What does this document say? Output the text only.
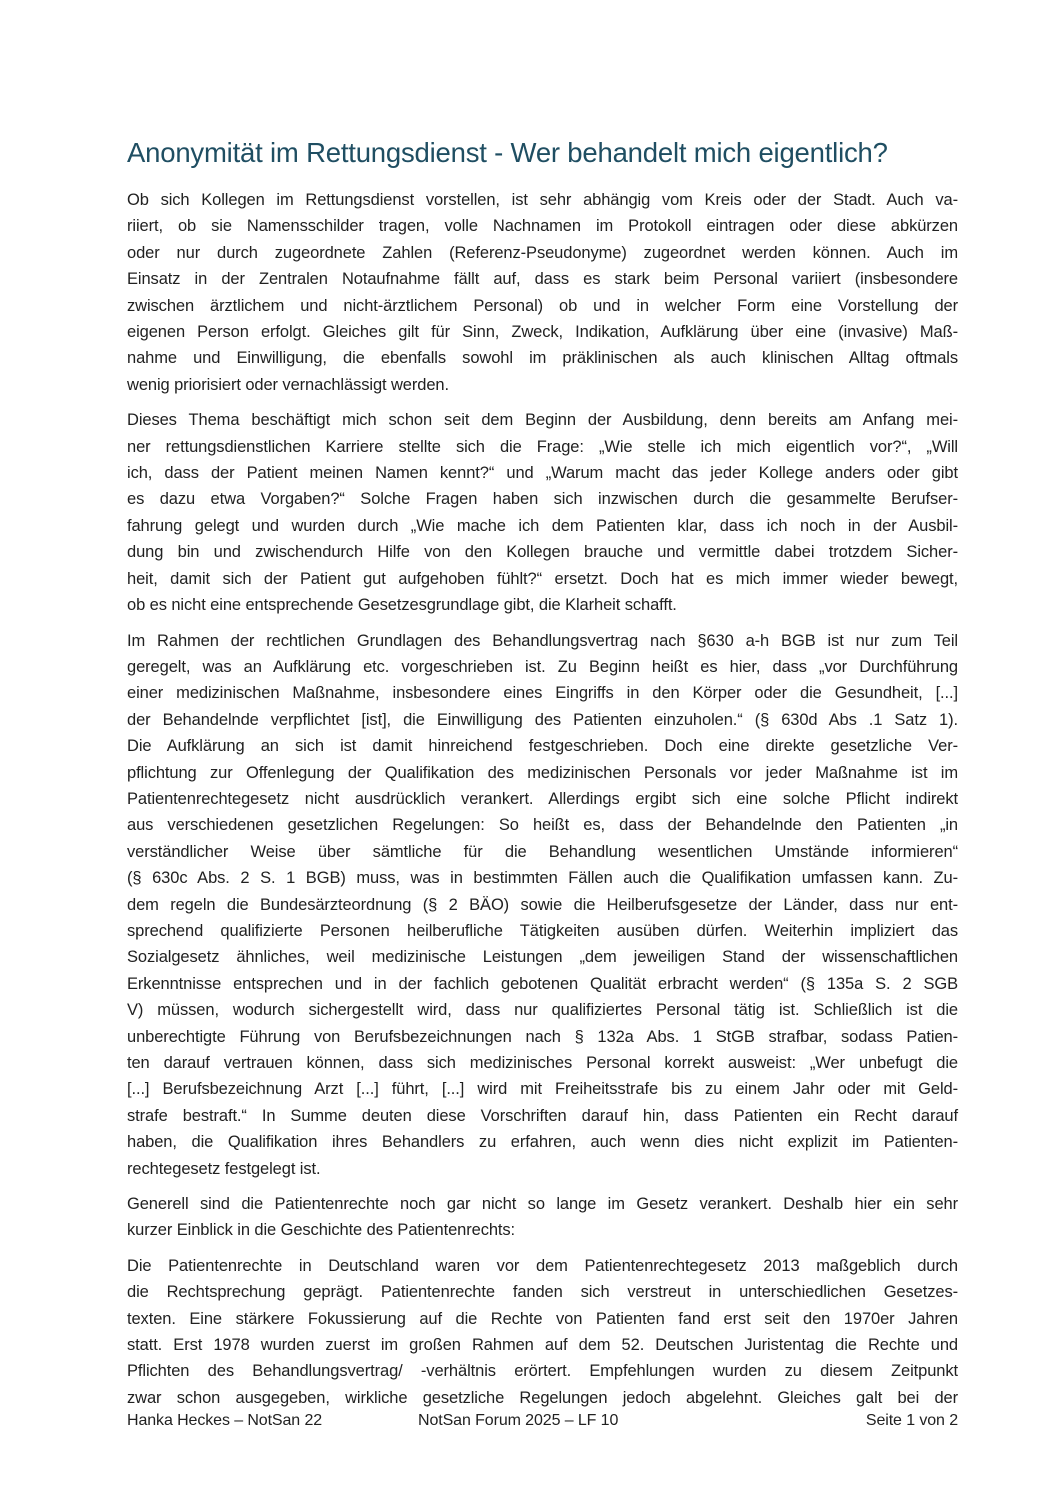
Anonymität im Rettungsdienst - Wer behandelt mich eigentlich?
Ob sich Kollegen im Rettungsdienst vorstellen, ist sehr abhängig vom Kreis oder der Stadt. Auch va-
riiert, ob sie Namensschilder tragen, volle Nachnamen im Protokoll eintragen oder diese abkürzen
oder nur durch zugeordnete Zahlen (Referenz-Pseudonyme) zugeordnet werden können. Auch im
Einsatz in der Zentralen Notaufnahme fällt auf, dass es stark beim Personal variiert (insbesondere
zwischen ärztlichem und nicht-ärztlichem Personal) ob und in welcher Form eine Vorstellung der
eigenen Person erfolgt. Gleiches gilt für Sinn, Zweck, Indikation, Aufklärung über eine (invasive) Maß-
nahme und Einwilligung, die ebenfalls sowohl im präklinischen als auch klinischen Alltag oftmals
wenig priorisiert oder vernachlässigt werden.
Dieses Thema beschäftigt mich schon seit dem Beginn der Ausbildung, denn bereits am Anfang mei-
ner rettungsdienstlichen Karriere stellte sich die Frage: „Wie stelle ich mich eigentlich vor?“, „Will
ich, dass der Patient meinen Namen kennt?“ und „Warum macht das jeder Kollege anders oder gibt
es dazu etwa Vorgaben?“ Solche Fragen haben sich inzwischen durch die gesammelte Berufser-
fahrung gelegt und wurden durch „Wie mache ich dem Patienten klar, dass ich noch in der Ausbil-
dung bin und zwischendurch Hilfe von den Kollegen brauche und vermittle dabei trotzdem Sicher-
heit, damit sich der Patient gut aufgehoben fühlt?“ ersetzt. Doch hat es mich immer wieder bewegt,
ob es nicht eine entsprechende Gesetzesgrundlage gibt, die Klarheit schafft.
Im Rahmen der rechtlichen Grundlagen des Behandlungsvertrag nach §630 a-h BGB ist nur zum Teil
geregelt, was an Aufklärung etc. vorgeschrieben ist. Zu Beginn heißt es hier, dass „vor Durchführung
einer medizinischen Maßnahme, insbesondere eines Eingriffs in den Körper oder die Gesundheit, [...]
der Behandelnde verpflichtet [ist], die Einwilligung des Patienten einzuholen.“ (§ 630d Abs .1 Satz 1).
Die Aufklärung an sich ist damit hinreichend festgeschrieben. Doch eine direkte gesetzliche Ver-
pflichtung zur Offenlegung der Qualifikation des medizinischen Personals vor jeder Maßnahme ist im
Patientenrechtegesetz nicht ausdrücklich verankert. Allerdings ergibt sich eine solche Pflicht indirekt
aus verschiedenen gesetzlichen Regelungen: So heißt es, dass der Behandelnde den Patienten „in
verständlicher Weise über sämtliche für die Behandlung wesentlichen Umstände informieren“
(§ 630c Abs. 2 S. 1 BGB) muss, was in bestimmten Fällen auch die Qualifikation umfassen kann. Zu-
dem regeln die Bundesärzteordnung (§ 2 BÄO) sowie die Heilberufsgesetze der Länder, dass nur ent-
sprechend qualifizierte Personen heilberufliche Tätigkeiten ausüben dürfen. Weiterhin impliziert das
Sozialgesetz ähnliches, weil medizinische Leistungen „dem jeweiligen Stand der wissenschaftlichen
Erkenntnisse entsprechen und in der fachlich gebotenen Qualität erbracht werden“ (§ 135a S. 2 SGB
V) müssen, wodurch sichergestellt wird, dass nur qualifiziertes Personal tätig ist. Schließlich ist die
unberechtigte Führung von Berufsbezeichnungen nach § 132a Abs. 1 StGB strafbar, sodass Patien-
ten darauf vertrauen können, dass sich medizinisches Personal korrekt ausweist: „Wer unbefugt die
[...] Berufsbezeichnung Arzt [...] führt, [...] wird mit Freiheitsstrafe bis zu einem Jahr oder mit Geld-
strafe bestraft.“ In Summe deuten diese Vorschriften darauf hin, dass Patienten ein Recht darauf
haben, die Qualifikation ihres Behandlers zu erfahren, auch wenn dies nicht explizit im Patienten-
rechtegesetz festgelegt ist.
Generell sind die Patientenrechte noch gar nicht so lange im Gesetz verankert. Deshalb hier ein sehr
kurzer Einblick in die Geschichte des Patientenrechts:
Die Patientenrechte in Deutschland waren vor dem Patientenrechtegesetz 2013 maßgeblich durch
die Rechtsprechung geprägt. Patientenrechte fanden sich verstreut in unterschiedlichen Gesetzes-
texten. Eine stärkere Fokussierung auf die Rechte von Patienten fand erst seit den 1970er Jahren
statt. Erst 1978 wurden zuerst im großen Rahmen auf dem 52. Deutschen Juristentag die Rechte und
Pflichten des Behandlungsvertrag/ -verhältnis erörtert. Empfehlungen wurden zu diesem Zeitpunkt
zwar schon ausgegeben, wirkliche gesetzliche Regelungen jedoch abgelehnt. Gleiches galt bei der
Hanka Heckes – NotSan 22	NotSan Forum 2025 – LF 10	Seite 1 von 2
